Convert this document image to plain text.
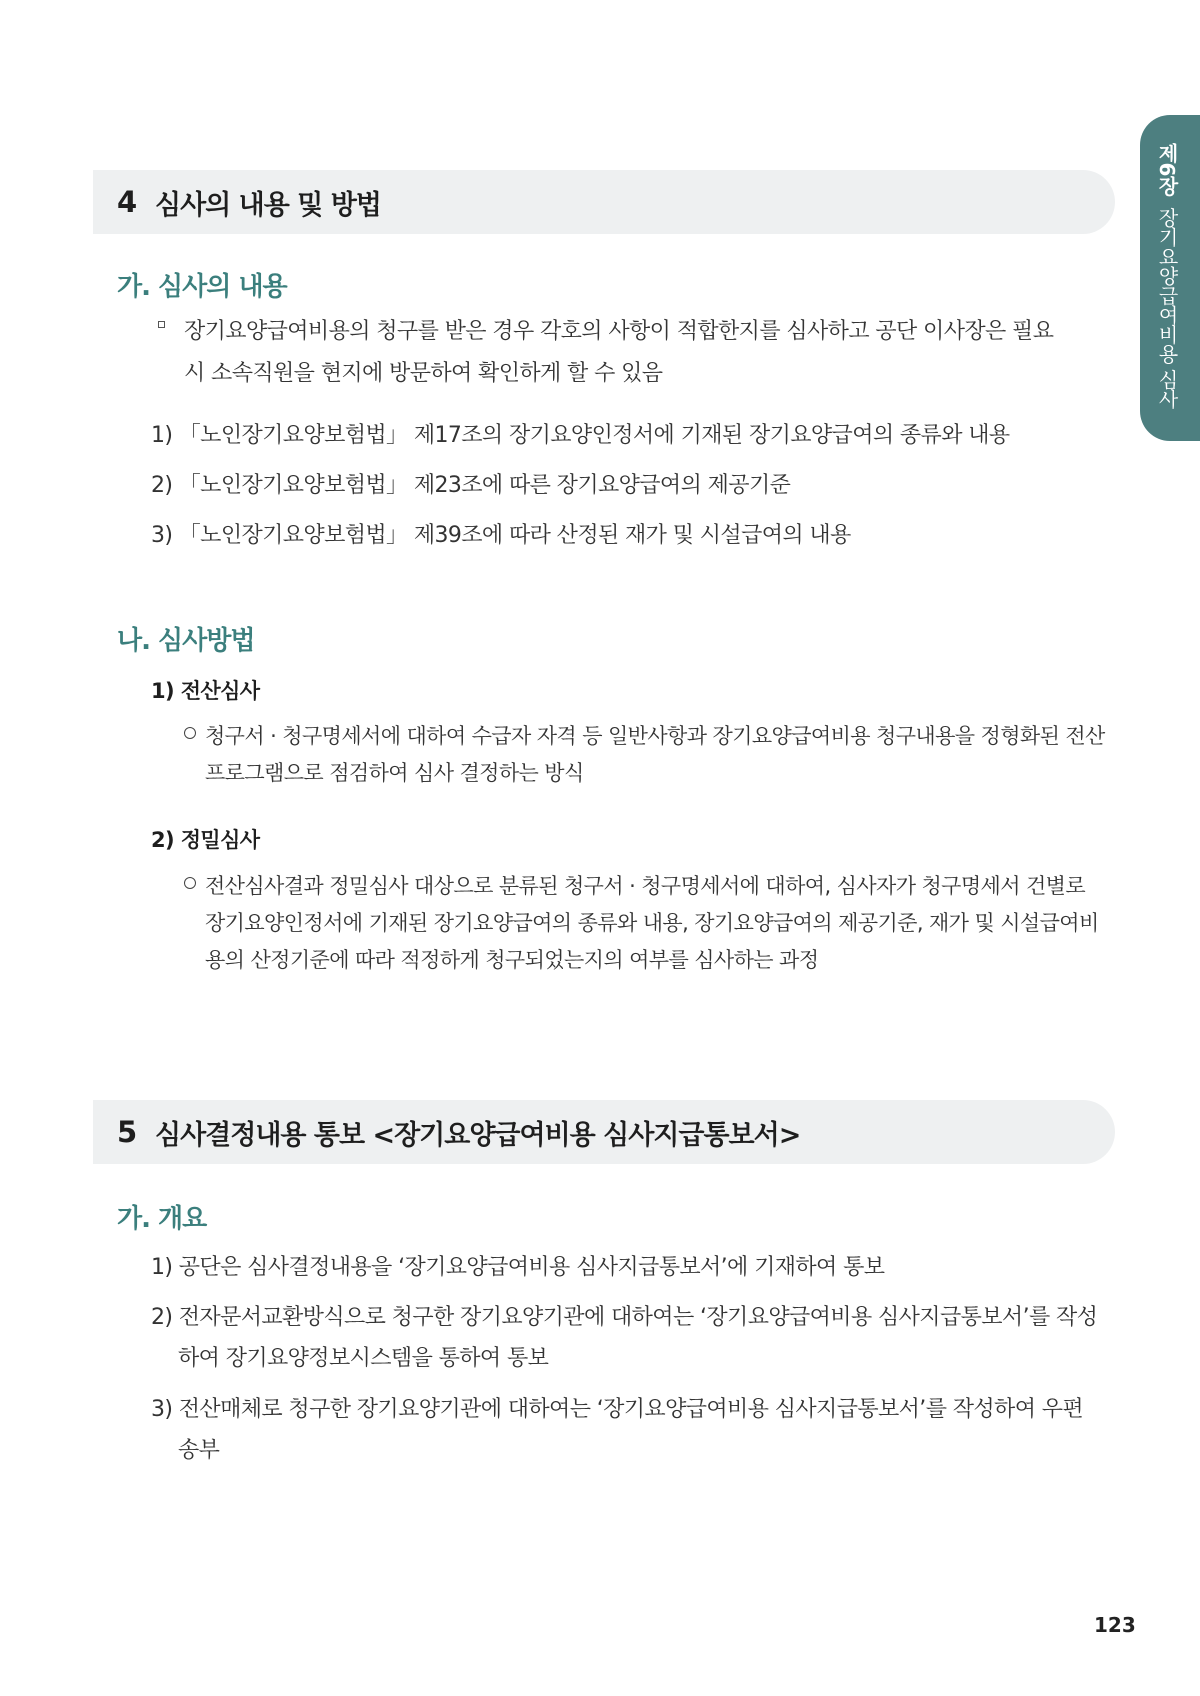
제6장장기요양급여비용 심사
4 심사의 내용 및 방법
가. 심사의 내용
장기요양급여비용의 청구를 받은 경우 각호의 사항이 적합한지를 심사하고 공단 이사장은 필요
시 소속직원을 현지에 방문하여 확인하게 할 수 있음
1) 「노인장기요양보험법」 제17조의 장기요양인정서에 기재된 장기요양급여의 종류와 내용
2) 「노인장기요양보험법」 제23조에 따른 장기요양급여의 제공기준
3) 「노인장기요양보험법」 제39조에 따라 산정된 재가 및 시설급여의 내용
나. 심사방법
1) 전산심사
청구서 · 청구명세서에 대하여 수급자 자격 등 일반사항과 장기요양급여비용 청구내용을 정형화된 전산
프로그램으로 점검하여 심사 결정하는 방식
2) 정밀심사
전산심사결과 정밀심사 대상으로 분류된 청구서 · 청구명세서에 대하여, 심사자가 청구명세서 건별로
장기요양인정서에 기재된 장기요양급여의 종류와 내용, 장기요양급여의 제공기준, 재가 및 시설급여비
용의 산정기준에 따라 적정하게 청구되었는지의 여부를 심사하는 과정
5 심사결정내용 통보 <장기요양급여비용 심사지급통보서>
가. 개요
1) 공단은 심사결정내용을 ‘장기요양급여비용 심사지급통보서’에 기재하여 통보
2) 전자문서교환방식으로 청구한 장기요양기관에 대하여는 ‘장기요양급여비용 심사지급통보서’를 작성
하여 장기요양정보시스템을 통하여 통보
3) 전산매체로 청구한 장기요양기관에 대하여는 ‘장기요양급여비용 심사지급통보서’를 작성하여 우편
송부
123
